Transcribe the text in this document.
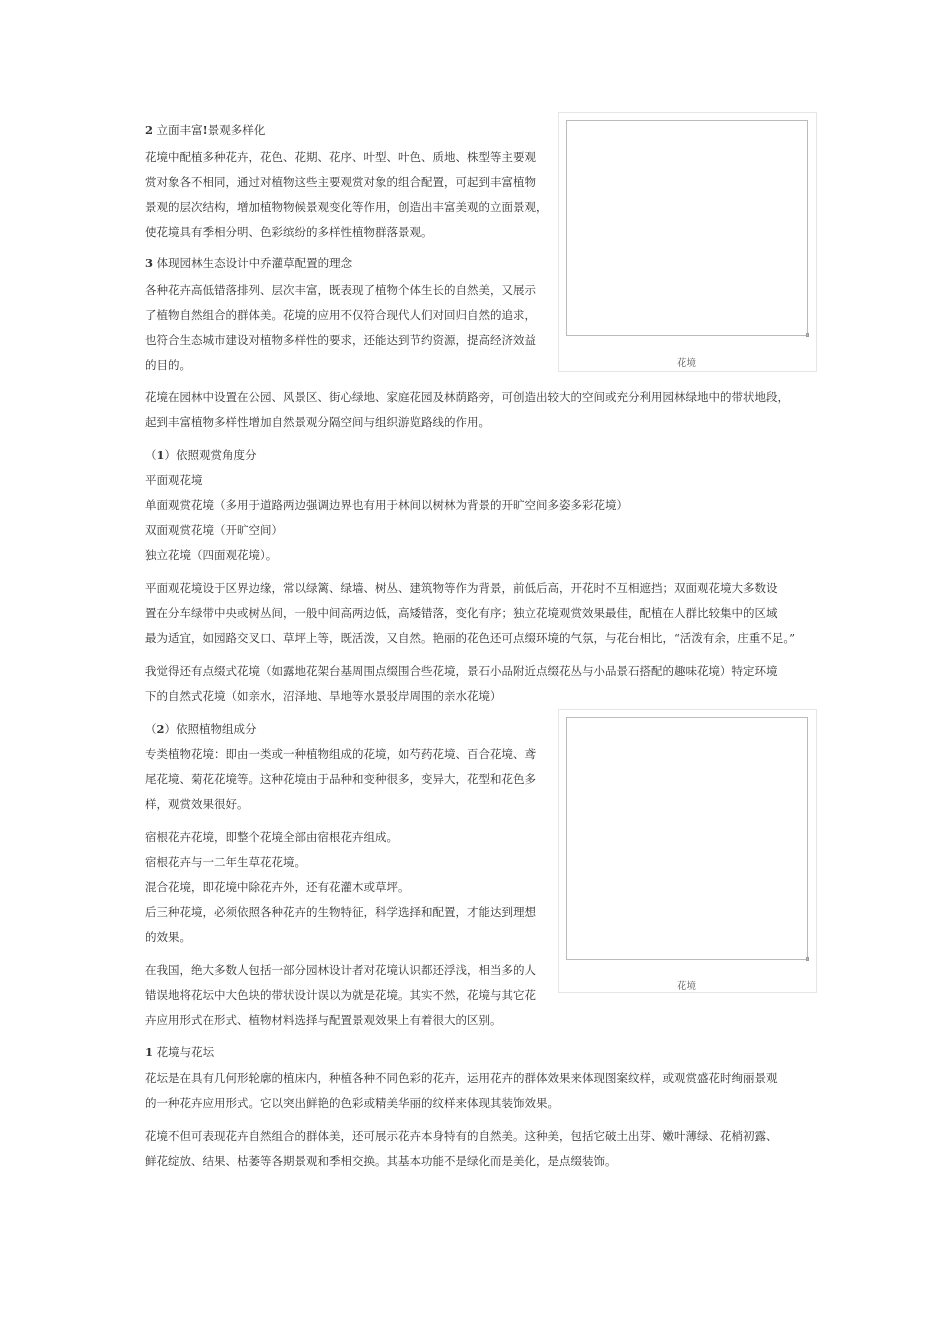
2 立面丰富!景观多样化
花境中配植多种花卉，花色、花期、花序、叶型、叶色、质地、株型等主要观
赏对象各不相同，通过对植物这些主要观赏对象的组合配置，可起到丰富植物
景观的层次结构，增加植物物候景观变化等作用，创造出丰富美观的立面景观，
使花境具有季相分明、色彩缤纷的多样性植物群落景观。
3 体现园林生态设计中乔灌草配置的理念
各种花卉高低错落排列、层次丰富，既表现了植物个体生长的自然美，又展示
了植物自然组合的群体美。花境的应用不仅符合现代人们对回归自然的追求，
也符合生态城市建设对植物多样性的要求，还能达到节约资源，提高经济效益
的目的。	花境
花境在园林中设置在公园、风景区、街心绿地、家庭花园及林荫路旁，可创造出较大的空间或充分利用园林绿地中的带状地段，
起到丰富植物多样性增加自然景观分隔空间与组织游览路线的作用。
（1）依照观赏角度分
平面观花境
单面观赏花境（多用于道路两边强调边界也有用于林间以树林为背景的开旷空间多姿多彩花境）
双面观赏花境（开旷空间）
独立花境（四面观花境）。
平面观花境设于区界边缘，常以绿篱、绿墙、树丛、建筑物等作为背景，前低后高，开花时不互相遮挡；双面观花境大多数设
置在分车绿带中央或树丛间，一般中间高两边低，高矮错落，变化有序；独立花境观赏效果最佳，配植在人群比较集中的区域
最为适宜，如园路交叉口、草坪上等，既活泼，又自然。艳丽的花色还可点缀环境的气氛，与花台相比，“活泼有余，庄重不足。”
我觉得还有点缀式花境（如露地花架台基周围点缀围合些花境，景石小品附近点缀花丛与小品景石搭配的趣味花境）特定环境
下的自然式花境（如亲水，沼泽地、旱地等水景驳岸周围的亲水花境）
（2）依照植物组成分
专类植物花境：即由一类或一种植物组成的花境，如芍药花境、百合花境、鸢
尾花境、菊花花境等。这种花境由于品种和变种很多，变异大，花型和花色多
样，观赏效果很好。
宿根花卉花境，即整个花境全部由宿根花卉组成。
宿根花卉与一二年生草花花境。
混合花境，即花境中除花卉外，还有花灌木或草坪。
后三种花境，必须依照各种花卉的生物特征，科学选择和配置，才能达到理想
的效果。
花境
在我国，绝大多数人包括一部分园林设计者对花境认识都还浮浅，相当多的人
错误地将花坛中大色块的带状设计误以为就是花境。其实不然，花境与其它花
卉应用形式在形式、植物材料选择与配置景观效果上有着很大的区别。
1 花境与花坛
花坛是在具有几何形轮廓的植床内，种植各种不同色彩的花卉，运用花卉的群体效果来体现图案纹样，或观赏盛花时绚丽景观
的一种花卉应用形式。它以突出鲜艳的色彩或精美华丽的纹样来体现其装饰效果。
花境不但可表现花卉自然组合的群体美，还可展示花卉本身特有的自然美。这种美，包括它破土出芽、嫩叶薄绿、花梢初露、
鲜花绽放、结果、枯萎等各期景观和季相交换。其基本功能不是绿化而是美化，是点缀装饰。
